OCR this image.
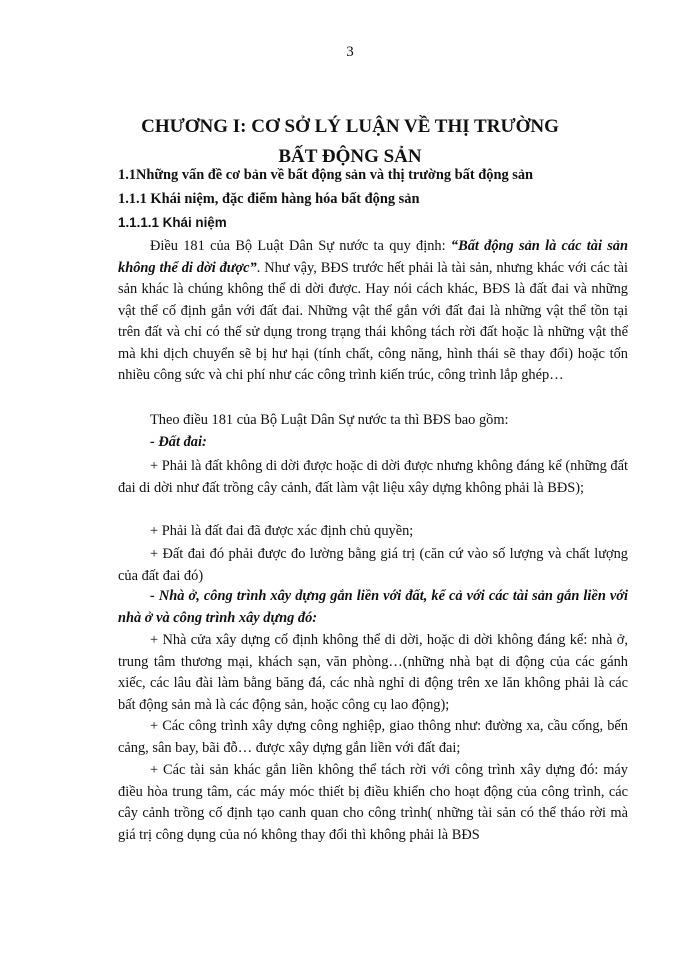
3
CHƯƠNG I: CƠ SỞ LÝ LUẬN VỀ THỊ TRƯỜNG
BẤT ĐỘNG SẢN
1.1Những vấn đề cơ bản về bất động sản và thị trường bất động sản
1.1.1 Khái niệm, đặc điểm hàng hóa bất động sản
1.1.1.1 Khái niệm

Điều 181 của Bộ Luật Dân Sự nước ta quy định: “Bất động sản là các tài sản không thể di dời được”. Như vậy, BĐS trước hết phải là tài sản, nhưng khác với các tài sản khác là chúng không thể di dời được. Hay nói cách khác, BĐS là đất đai và những vật thể cố định gắn với đất đai. Những vật thể gắn với đất đai là những vật thể tồn tại trên đất và chỉ có thể sử dụng trong trạng thái không tách rời đất hoặc là những vật thể mà khi dịch chuyển sẽ bị hư hại (tính chất, công năng, hình thái sẽ thay đổi) hoặc tốn nhiều công sức và chi phí như các công trình kiến trúc, công trình lắp ghép…

Theo điều 181 của Bộ Luật Dân Sự nước ta thì BĐS bao gồm:

- Đất đai:

+ Phải là đất không di dời được hoặc di dời được nhưng không đáng kể (những đất đai di dời như đất trồng cây cảnh, đất làm vật liệu xây dựng không phải là BĐS);

+ Phải là đất đai đã được xác định chủ quyền;

+ Đất đai đó phải được đo lường bằng giá trị (căn cứ vào số lượng và chất lượng của đất đai đó)

- Nhà ở, công trình xây dựng gắn liền với đất, kể cả với các tài sản gắn liền với nhà ở và công trình xây dựng đó:

+ Nhà cửa xây dựng cố định không thể di dời, hoặc di dời không đáng kể: nhà ở, trung tâm thương mại, khách sạn, văn phòng…(những nhà bạt di động của các gánh xiếc, các lâu đài làm bằng băng đá, các nhà nghỉ di động trên xe lăn không phải là các bất động sản mà là các động sản, hoặc công cụ lao động);

+ Các công trình xây dựng công nghiệp, giao thông như: đường xa, cầu cống, bến cảng, sân bay, bãi đỗ… được xây dựng gắn liền với đất đai;

+ Các tài sản khác gắn liền không thể tách rời với công trình xây dựng đó: máy điều hòa trung tâm, các máy móc thiết bị điều khiển cho hoạt động của công trình, các cây cảnh trồng cố định tạo canh quan cho công trình( những tài sản có thể tháo rời mà giá trị công dụng của nó không thay đổi thì không phải là BĐS
